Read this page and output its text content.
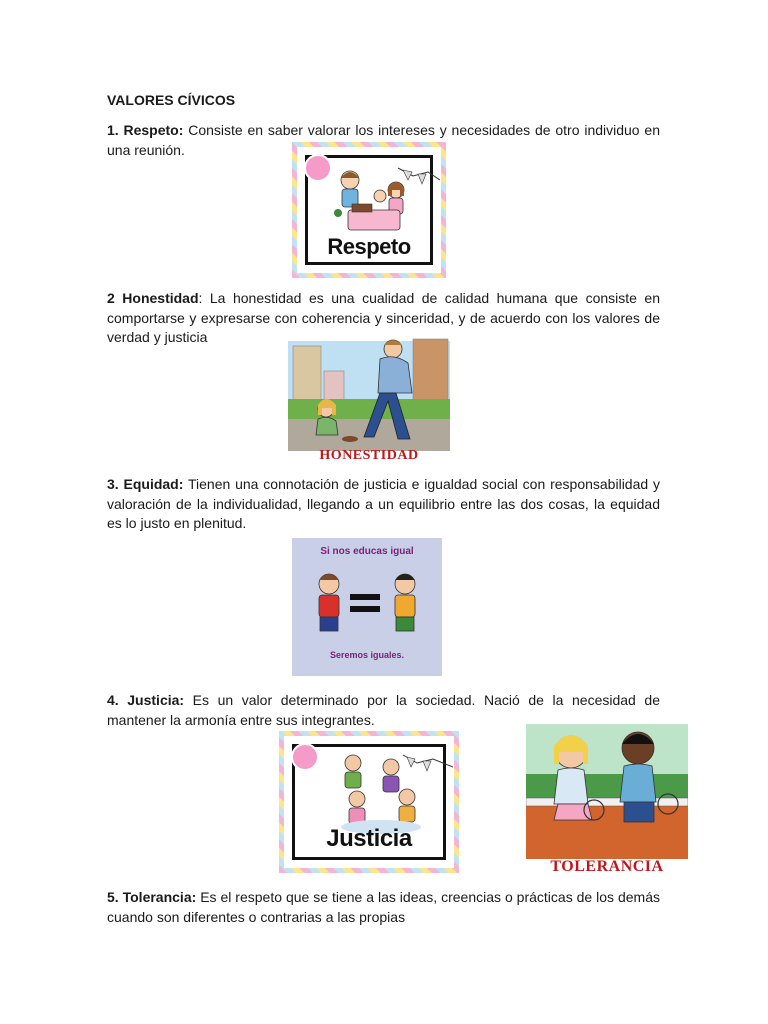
VALORES CÍVICOS
1. Respeto: Consiste en saber valorar los intereses y necesidades de otro individuo en una reunión.
Respeto
2 Honestidad: La honestidad es una cualidad de calidad humana que consiste en comportarse y expresarse con coherencia y sinceridad, y de acuerdo con los valores de verdad y justicia
HONESTIDAD
3. Equidad: Tienen una connotación de justicia e igualdad social con responsabilidad y valoración de la individualidad, llegando a un equilibrio entre las dos cosas, la equidad es lo justo en plenitud.
Si nos educas igual
Seremos iguales.
4. Justicia: Es un valor determinado por la sociedad. Nació de la necesidad de mantener la armonía entre sus integrantes.
Justicia
TOLERANCIA
5. Tolerancia: Es el respeto que se tiene a las ideas, creencias o prácticas de los demás cuando son diferentes o contrarias a las propias
